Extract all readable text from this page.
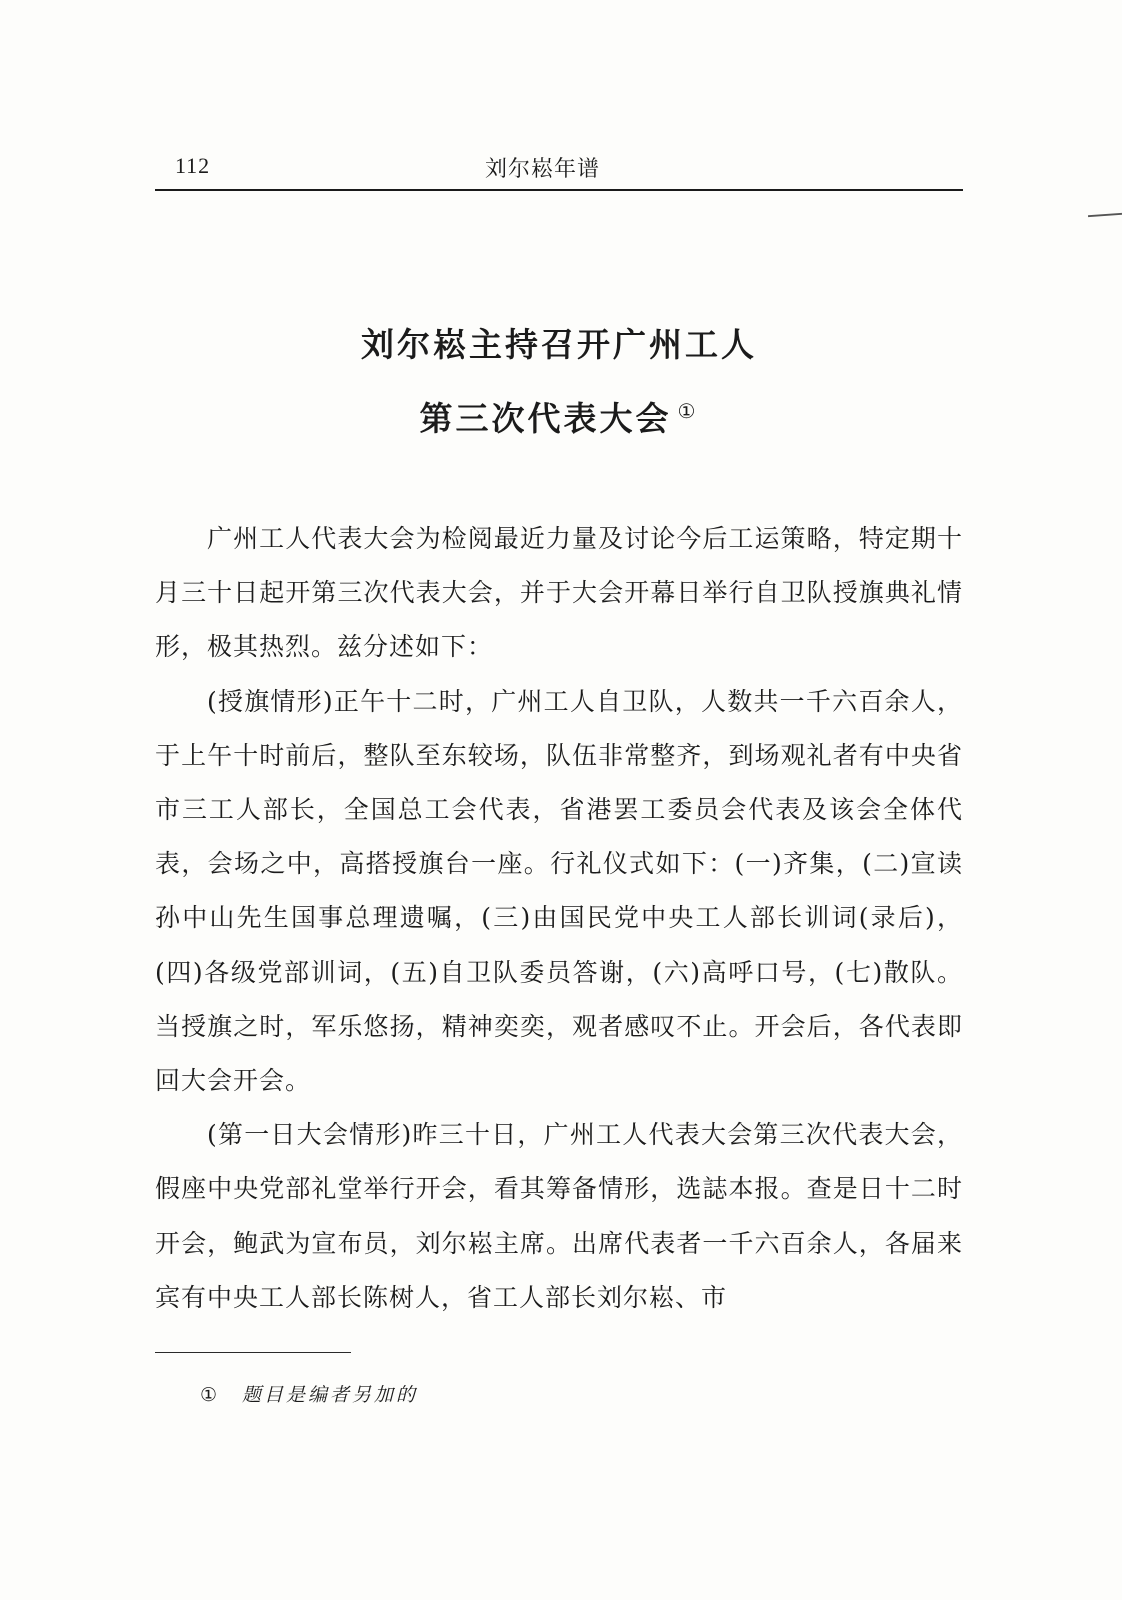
112	刘尔崧年谱
刘尔崧主持召开广州工人
第三次代表大会 ①

广州工人代表大会为检阅最近力量及讨论今后工运策略，特定期十月三十日起开第三次代表大会，并于大会开幕日举行自卫队授旗典礼情形，极其热烈。兹分述如下：

(授旗情形)正午十二时，广州工人自卫队，人数共一千六百余人，于上午十时前后，整队至东较场，队伍非常整齐，到场观礼者有中央省市三工人部长，全国总工会代表，省港罢工委员会代表及该会全体代表，会场之中，高搭授旗台一座。行礼仪式如下：(一)齐集，(二)宣读孙中山先生国事总理遗嘱，(三)由国民党中央工人部长训词(录后)，(四)各级党部训词，(五)自卫队委员答谢，(六)高呼口号，(七)散队。当授旗之时，军乐悠扬，精神奕奕，观者感叹不止。开会后，各代表即回大会开会。

(第一日大会情形)昨三十日，广州工人代表大会第三次代表大会，假座中央党部礼堂举行开会，看其筹备情形，选誌本报。查是日十二时开会，鲍武为宣布员，刘尔崧主席。出席代表者一千六百余人，各届来宾有中央工人部长陈树人，省工人部长刘尔崧、市

① 题目是编者另加的
